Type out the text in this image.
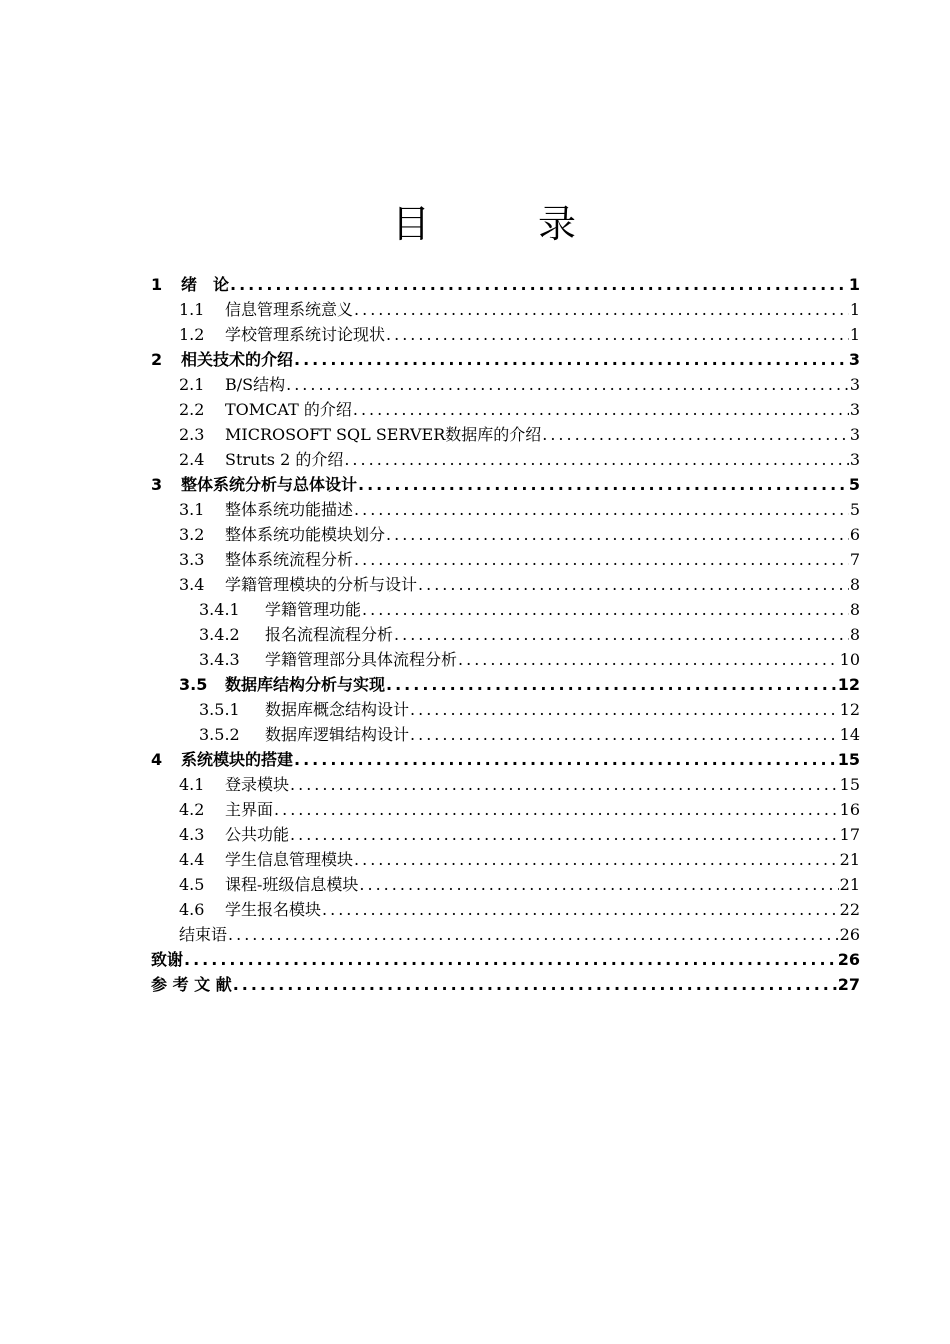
目 录
1	绪　论 .....	1
1.1	信息管理系统意义 .....	1
1.2	学校管理系统讨论现状 .....	1
2	相关技术的介绍 .....	3
2.1	B/S结构 .....	3
2.2	TOMCAT 的介绍 .....	3
2.3	MICROSOFT SQL SERVER数据库的介绍 .....	3
2.4	Struts 2 的介绍 .....	3
3	整体系统分析与总体设计 .....	5
3.1	整体系统功能描述 .....	5
3.2	整体系统功能模块划分 .....	6
3.3	整体系统流程分析 .....	7
3.4	学籍管理模块的分析与设计 .....	8
3.4.1	学籍管理功能 .....	8
3.4.2	报名流程流程分析 .....	8
3.4.3	学籍管理部分具体流程分析 .....	10
3.5	数据库结构分析与实现 .....	12
3.5.1	数据库概念结构设计 .....	12
3.5.2	数据库逻辑结构设计 .....	14
4	系统模块的搭建 .....	15
4.1	登录模块 .....	15
4.2	主界面 .....	16
4.3	公共功能 .....	17
4.4	学生信息管理模块 .....	21
4.5	课程-班级信息模块 .....	21
4.6	学生报名模块 .....	22
结束语 .....	26
致谢 .....	26
参 考 文 献 .....	27
